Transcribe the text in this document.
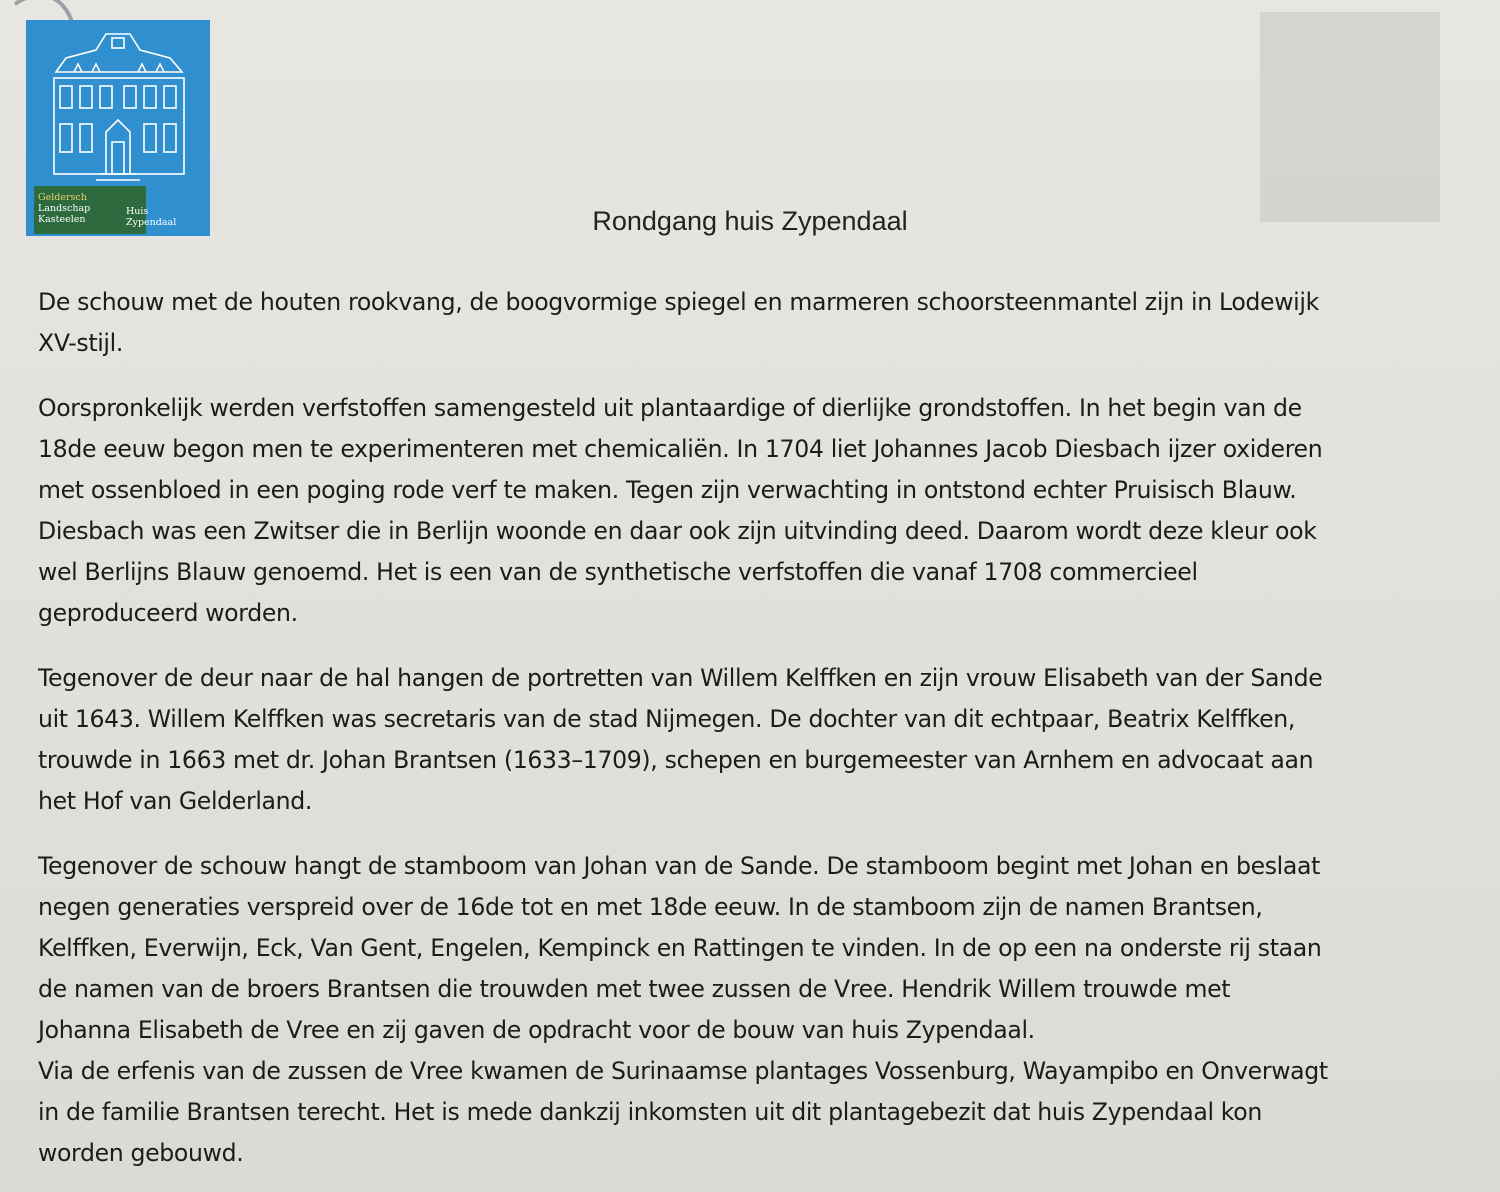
Geldersch
Landschap
Kasteelen
Huis
Zypendaal	Rondgang huis Zypendaal

De schouw met de houten rookvang, de boogvormige spiegel en marmeren schoorsteenmantel zijn in Lodewijk
XV-stijl.

Oorspronkelijk werden verfstoffen samengesteld uit plantaardige of dierlijke grondstoffen. In het begin van de
18de eeuw begon men te experimenteren met chemicaliën. In 1704 liet Johannes Jacob Diesbach ijzer oxideren
met ossenbloed in een poging rode verf te maken. Tegen zijn verwachting in ontstond echter Pruisisch Blauw.
Diesbach was een Zwitser die in Berlijn woonde en daar ook zijn uitvinding deed. Daarom wordt deze kleur ook
wel Berlijns Blauw genoemd. Het is een van de synthetische verfstoffen die vanaf 1708 commercieel
geproduceerd worden.

Tegenover de deur naar de hal hangen de portretten van Willem Kelffken en zijn vrouw Elisabeth van der Sande
uit 1643. Willem Kelffken was secretaris van de stad Nijmegen. De dochter van dit echtpaar, Beatrix Kelffken,
trouwde in 1663 met dr. Johan Brantsen (1633–1709), schepen en burgemeester van Arnhem en advocaat aan
het Hof van Gelderland.

Tegenover de schouw hangt de stamboom van Johan van de Sande. De stamboom begint met Johan en beslaat
negen generaties verspreid over de 16de tot en met 18de eeuw. In de stamboom zijn de namen Brantsen,
Kelffken, Everwijn, Eck, Van Gent, Engelen, Kempinck en Rattingen te vinden. In de op een na onderste rij staan
de namen van de broers Brantsen die trouwden met twee zussen de Vree. Hendrik Willem trouwde met
Johanna Elisabeth de Vree en zij gaven de opdracht voor de bouw van huis Zypendaal.
Via de erfenis van de zussen de Vree kwamen de Surinaamse plantages Vossenburg, Wayampibo en Onverwagt
in de familie Brantsen terecht. Het is mede dankzij inkomsten uit dit plantagebezit dat huis Zypendaal kon
worden gebouwd.
